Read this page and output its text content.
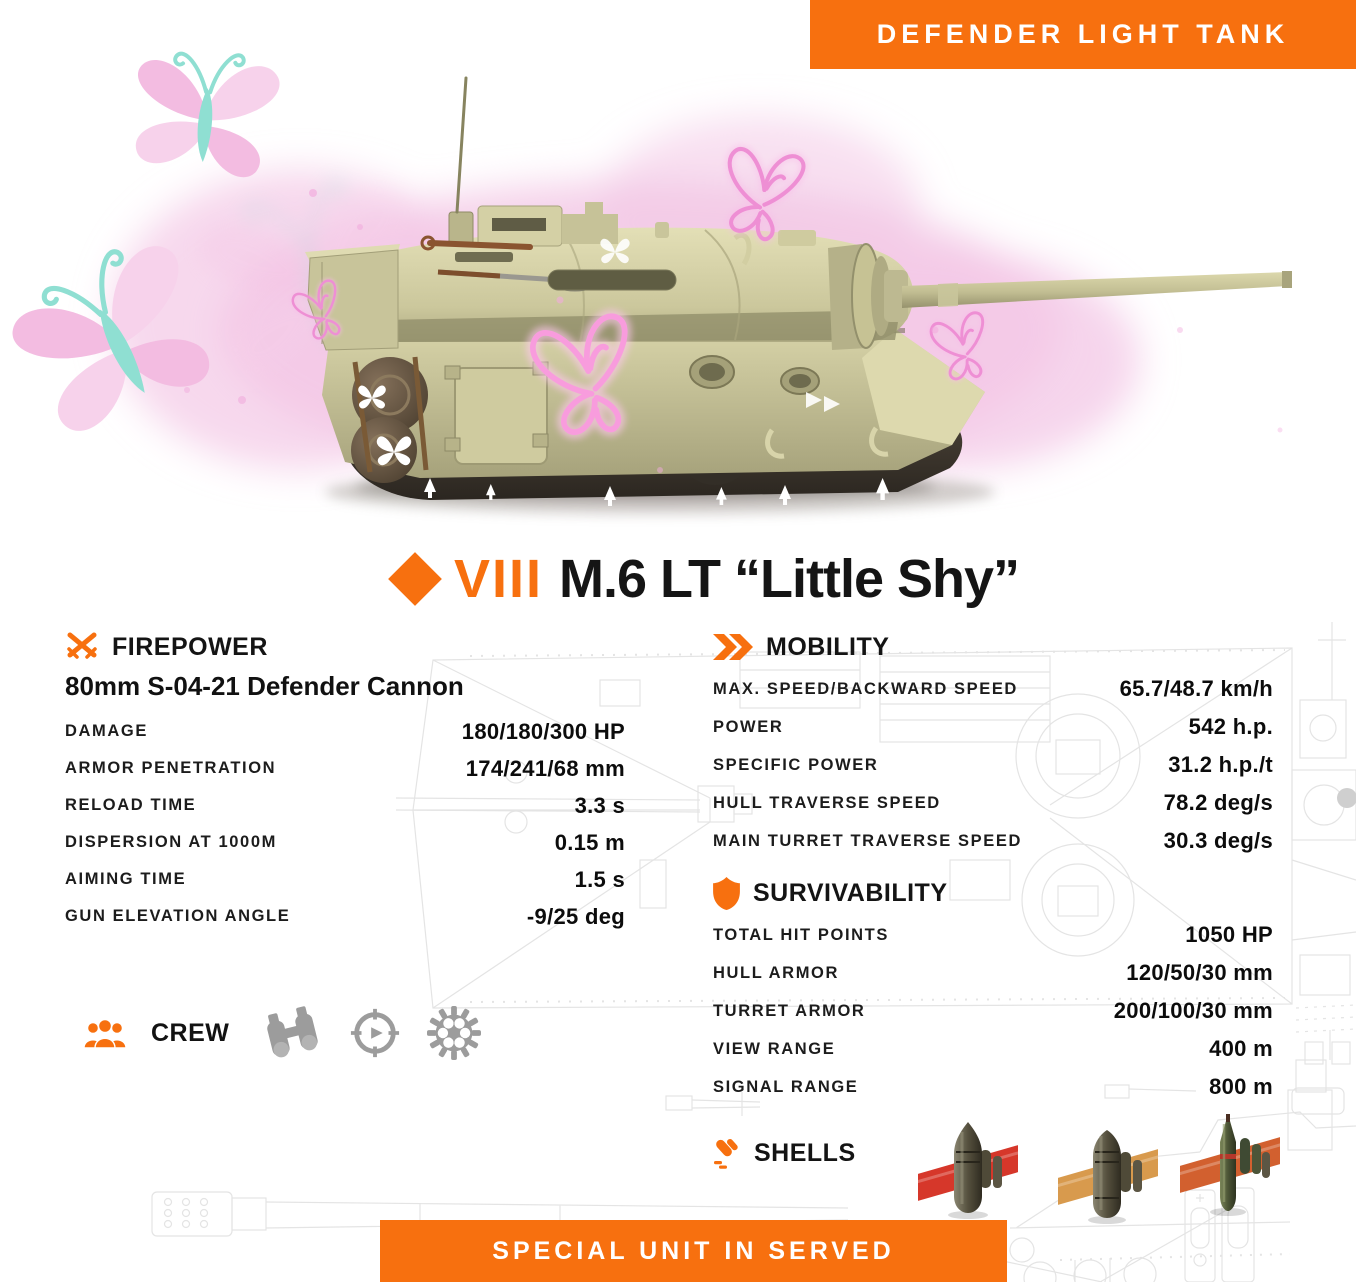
DEFENDER LIGHT TANK
VIII M.6 LT “Little Shy”
FIREPOWER
80mm S-04-21 Defender Cannon
DAMAGE	180/180/300 HP
ARMOR PENETRATION	174/241/68 mm
RELOAD TIME	3.3 s
DISPERSION AT 1000M	0.15 m
AIMING TIME	1.5 s
GUN ELEVATION ANGLE	-9/25 deg
CREW
MOBILITY
MAX. SPEED/BACKWARD SPEED	65.7/48.7 km/h
POWER	542 h.p.
SPECIFIC POWER	31.2 h.p./t
HULL TRAVERSE SPEED	78.2 deg/s
MAIN TURRET TRAVERSE SPEED	30.3 deg/s
SURVIVABILITY
TOTAL HIT POINTS	1050 HP
HULL ARMOR	120/50/30 mm
TURRET ARMOR	200/100/30 mm
VIEW RANGE	400 m
SIGNAL RANGE	800 m
SHELLS
SPECIAL UNIT IN SERVED
